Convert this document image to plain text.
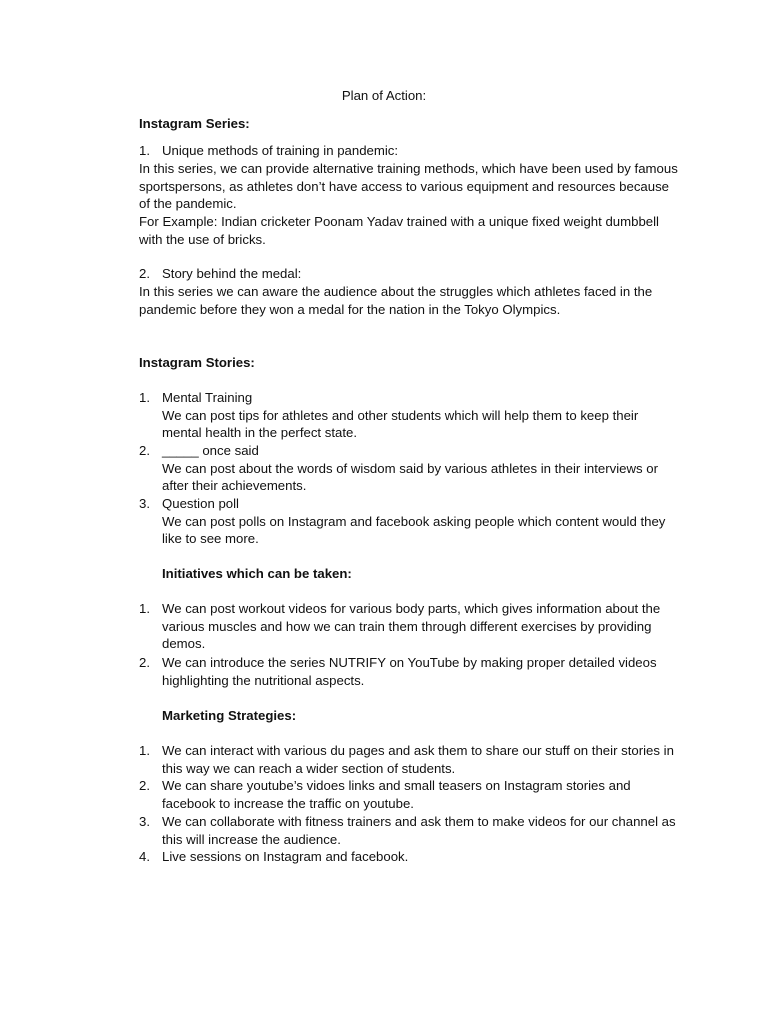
Plan of Action:

Instagram Series:

1. Unique methods of training in pandemic:

In this series, we can provide alternative training methods, which have been used by famous sportspersons, as athletes don’t have access to various equipment and resources because of the pandemic.

For Example: Indian cricketer Poonam Yadav trained with a unique fixed weight dumbbell with the use of bricks.

2. Story behind the medal:

In this series we can aware the audience about the struggles which athletes faced in the pandemic before they won a medal for the nation in the Tokyo Olympics.

Instagram Stories:

1. Mental Training

We can post tips for athletes and other students which will help them to keep their mental health in the perfect state.

2. _____ once said

We can post about the words of wisdom said by various athletes in their interviews or after their achievements.

3. Question poll

We can post polls on Instagram and facebook asking people which content would they like to see more.

Initiatives which can be taken:

1. We can post workout videos for various body parts, which gives information about the various muscles and how we can train them through different exercises by providing demos.

2. We can introduce the series NUTRIFY on YouTube by making proper detailed videos highlighting the nutritional aspects.

Marketing Strategies:

1. We can interact with various du pages and ask them to share our stuff on their stories in this way we can reach a wider section of students.

2. We can share youtube’s vidoes links and small teasers on Instagram stories and facebook to increase the traffic on youtube.

3. We can collaborate with fitness trainers and ask them to make videos for our channel as this will increase the audience.

4. Live sessions on Instagram and facebook.
